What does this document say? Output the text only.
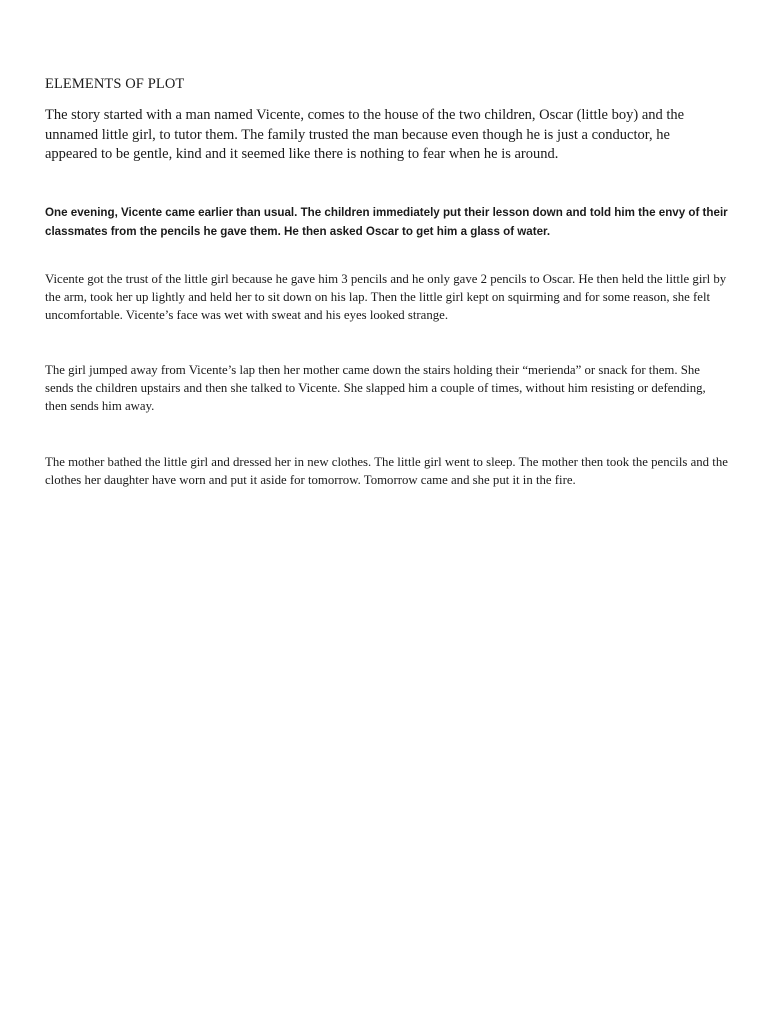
ELEMENTS OF PLOT

The story started with a man named Vicente, comes to the house of the two children, Oscar (little boy) and the unnamed little girl, to tutor them. The family trusted the man because even though he is just a conductor, he appeared to be gentle, kind and it seemed like there is nothing to fear when he is around.

One evening, Vicente came earlier than usual. The children immediately put their lesson down and told him the envy of their classmates from the pencils he gave them. He then asked Oscar to get him a glass of water.

Vicente got the trust of the little girl because he gave him 3 pencils and he only gave 2 pencils to Oscar. He then held the little girl by the arm, took her up lightly and held her to sit down on his lap. Then the little girl kept on squirming and for some reason, she felt uncomfortable. Vicente’s face was wet with sweat and his eyes looked strange.

The girl jumped away from Vicente’s lap then her mother came down the stairs holding their “merienda” or snack for them. She sends the children upstairs and then she talked to Vicente. She slapped him a couple of times, without him resisting or defending, then sends him away.

The mother bathed the little girl and dressed her in new clothes. The little girl went to sleep. The mother then took the pencils and the clothes her daughter have worn and put it aside for tomorrow. Tomorrow came and she put it in the fire.
